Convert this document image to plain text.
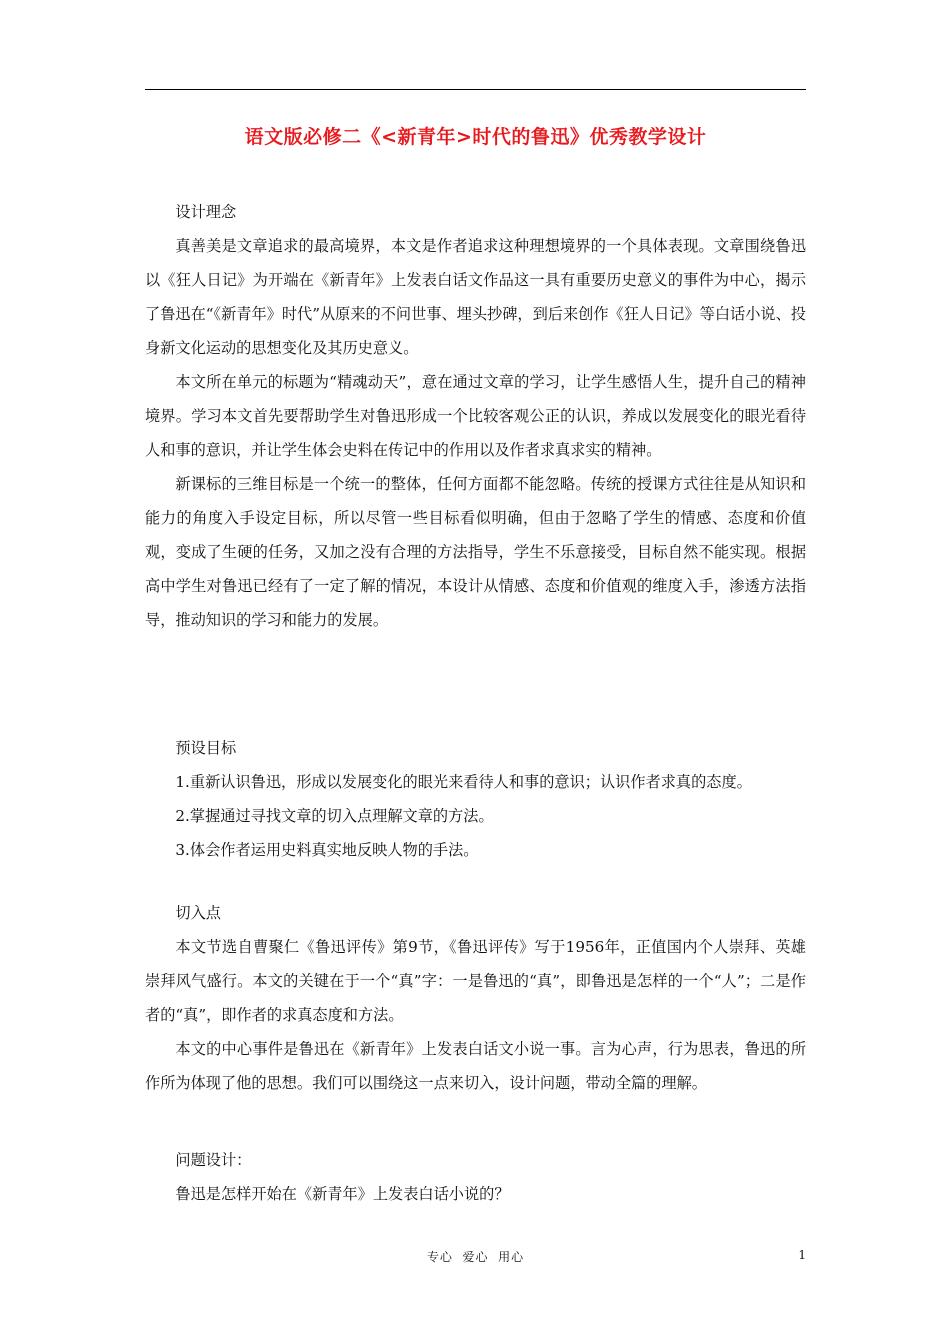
语文版必修二《<新青年>时代的鲁迅》优秀教学设计

设计理念

真善美是文章追求的最高境界，本文是作者追求这种理想境界的一个具体表现。文章围绕鲁迅以《狂人日记》为开端在《新青年》上发表白话文作品这一具有重要历史意义的事件为中心，揭示了鲁迅在“《新青年》时代”从原来的不问世事、埋头抄碑，到后来创作《狂人日记》等白话小说、投身新文化运动的思想变化及其历史意义。

本文所在单元的标题为“精魂动天”，意在通过文章的学习，让学生感悟人生，提升自己的精神境界。学习本文首先要帮助学生对鲁迅形成一个比较客观公正的认识，养成以发展变化的眼光看待人和事的意识，并让学生体会史料在传记中的作用以及作者求真求实的精神。

新课标的三维目标是一个统一的整体，任何方面都不能忽略。传统的授课方式往往是从知识和能力的角度入手设定目标，所以尽管一些目标看似明确，但由于忽略了学生的情感、态度和价值观，变成了生硬的任务，又加之没有合理的方法指导，学生不乐意接受，目标自然不能实现。根据高中学生对鲁迅已经有了一定了解的情况，本设计从情感、态度和价值观的维度入手，渗透方法指导，推动知识的学习和能力的发展。

预设目标

1.重新认识鲁迅，形成以发展变化的眼光来看待人和事的意识；认识作者求真的态度。

2.掌握通过寻找文章的切入点理解文章的方法。

3.体会作者运用史料真实地反映人物的手法。

切入点

本文节选自曹聚仁《鲁迅评传》第9节，《鲁迅评传》写于1956年，正值国内个人崇拜、英雄崇拜风气盛行。本文的关键在于一个“真”字：一是鲁迅的“真”，即鲁迅是怎样的一个“人”；二是作者的“真”，即作者的求真态度和方法。

本文的中心事件是鲁迅在《新青年》上发表白话文小说一事。言为心声，行为思表，鲁迅的所作所为体现了他的思想。我们可以围绕这一点来切入，设计问题，带动全篇的理解。

问题设计：

鲁迅是怎样开始在《新青年》上发表白话小说的？

专心  爱心  用心	1
